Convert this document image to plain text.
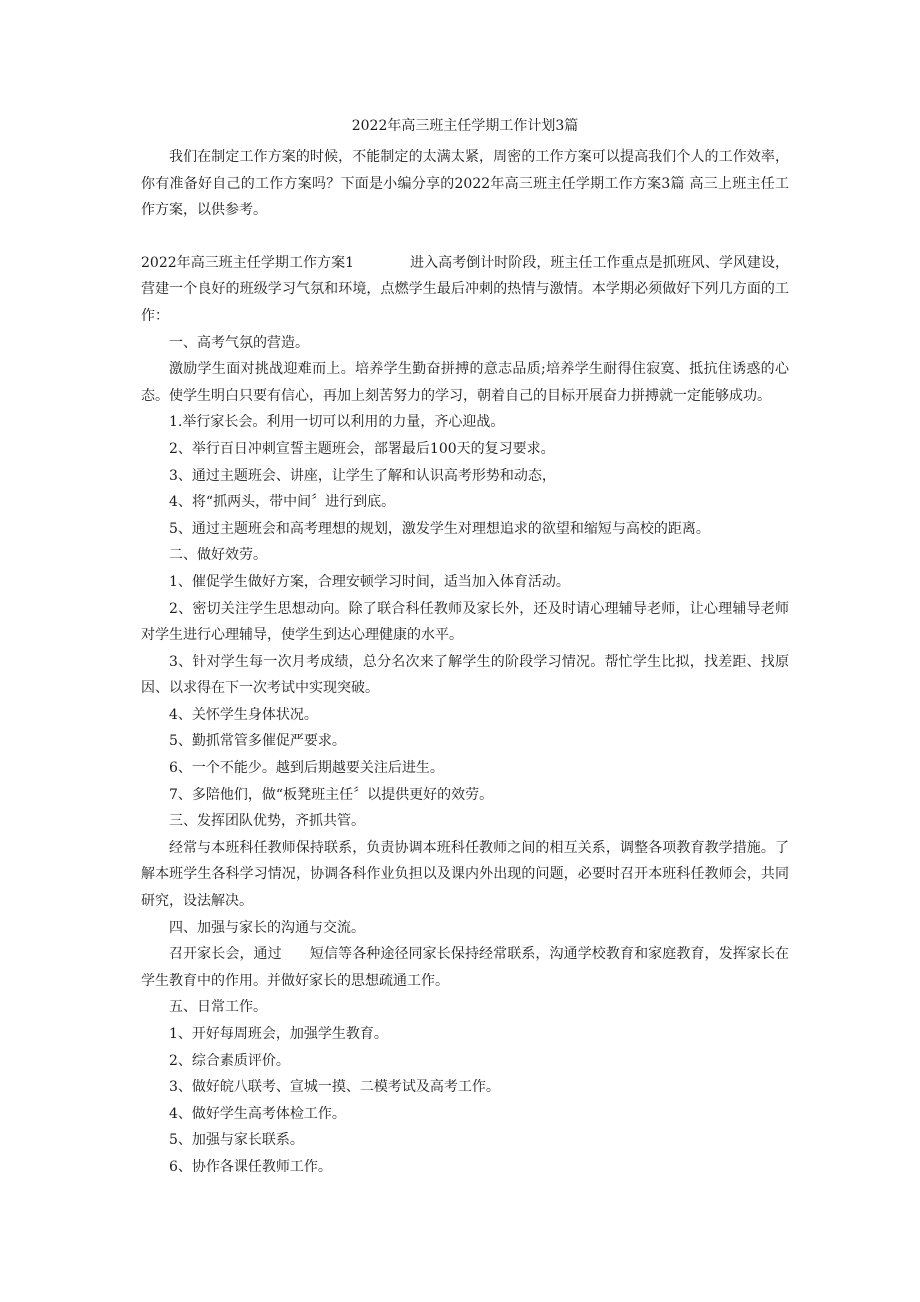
2022年高三班主任学期工作计划3篇

我们在制定工作方案的时候，不能制定的太满太紧，周密的工作方案可以提高我们个人的工作效率，你有准备好自己的工作方案吗？下面是小编分享的2022年高三班主任学期工作方案3篇 高三上班主任工作方案，以供参考。

2022年高三班主任学期工作方案1	进入高考倒计时阶段，班主任工作重点是抓班风、学风建设，营建一个良好的班级学习气氛和环境，点燃学生最后冲刺的热情与激情。本学期必须做好下列几方面的工作：

一、高考气氛的营造。

激励学生面对挑战迎难而上。培养学生勤奋拼搏的意志品质;培养学生耐得住寂寞、抵抗住诱惑的心态。使学生明白只要有信心，再加上刻苦努力的学习，朝着自己的目标开展奋力拼搏就一定能够成功。

1.举行家长会。利用一切可以利用的力量，齐心迎战。

2、举行百日冲刺宣誓主题班会，部署最后100天的复习要求。

3、通过主题班会、讲座，让学生了解和认识高考形势和动态，

4、将“抓两头，带中间〞进行到底。

5、通过主题班会和高考理想的规划，激发学生对理想追求的欲望和缩短与高校的距离。

二、做好效劳。

1、催促学生做好方案，合理安顿学习时间，适当加入体育活动。

2、密切关注学生思想动向。除了联合科任教师及家长外，还及时请心理辅导老师，让心理辅导老师对学生进行心理辅导，使学生到达心理健康的水平。

3、针对学生每一次月考成绩，总分名次来了解学生的阶段学习情况。帮忙学生比拟，找差距、找原因、以求得在下一次考试中实现突破。

4、关怀学生身体状况。

5、勤抓常管多催促严要求。

6、一个不能少。越到后期越要关注后进生。

7、多陪他们，做“板凳班主任〞以提供更好的效劳。

三、发挥团队优势，齐抓共管。

经常与本班科任教师保持联系，负责协调本班科任教师之间的相互关系，调整各项教育教学措施。了解本班学生各科学习情况，协调各科作业负担以及课内外出现的问题，必要时召开本班科任教师会，共同研究，设法解决。

四、加强与家长的沟通与交流。

召开家长会，通过　　短信等各种途径同家长保持经常联系，沟通学校教育和家庭教育，发挥家长在学生教育中的作用。并做好家长的思想疏通工作。

五、日常工作。

1、开好每周班会，加强学生教育。

2、综合素质评价。

3、做好皖八联考、宣城一摸、二模考试及高考工作。

4、做好学生高考体检工作。

5、加强与家长联系。

6、协作各课任教师工作。
